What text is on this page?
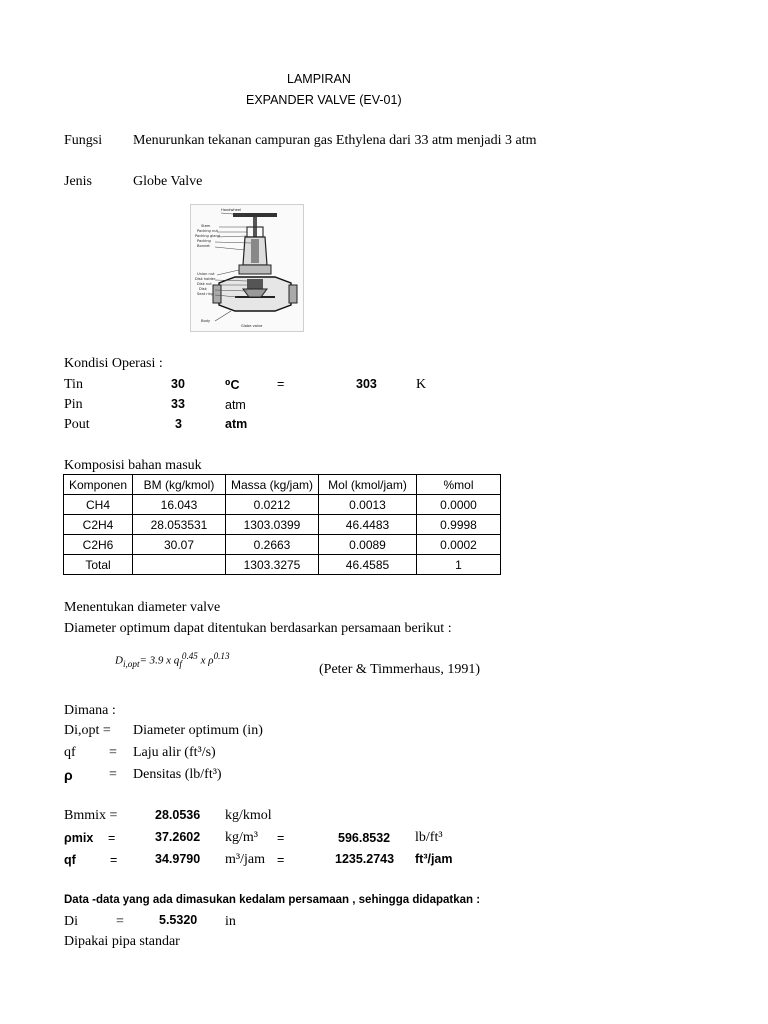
LAMPIRAN
EXPANDER VALVE (EV-01)
Fungsi Menurunkan tekanan campuran gas Ethylena dari 33 atm menjadi 3 atm
Jenis	Globe Valve
Handwheel
Stem
Packing nut
Packing gland
Packing
Bonnet
Union nut
Disk holder
Disk nut
Disk
Seat ring
Body
Globe valve
Kondisi Operasi :
Tin	30	⁰C	=	303	K
Pin	33	atm
Pout	3	atm
Komposisi bahan masuk
Komponen	BM (kg/kmol)	Massa (kg/jam)	Mol (kmol/jam)	%mol
CH4	16.043	0.0212	0.0013	0.0000
C2H4	28.053531	1303.0399	46.4483	0.9998
C2H6	30.07	0.2663	0.0089	0.0002
Total		1303.3275	46.4585	1
Menentukan diameter valve
Diameter optimum dapat ditentukan berdasarkan persamaan berikut :
$D_{i,opt}= 3.9$ x $q_f^{0.45}$ x $\rho^{0.13}$
(Peter & Timmerhaus, 1991)
Dimana :
Di,opt = Diameter optimum (in)
qf = Laju alir (ft³/s)
ρ	= Densitas (lb/ft³)
Bmmix =	28.0536 kg/kmol
ρmix =	37.2602 kg/m³ =	596.8532 lb/ft³
qf	=	34.9790 m³/jam =	1235.2743 ft³/jam
Data -data yang ada dimasukan kedalam persamaan , sehingga didapatkan :
Di	=	5.5320 in
Dipakai pipa standar
